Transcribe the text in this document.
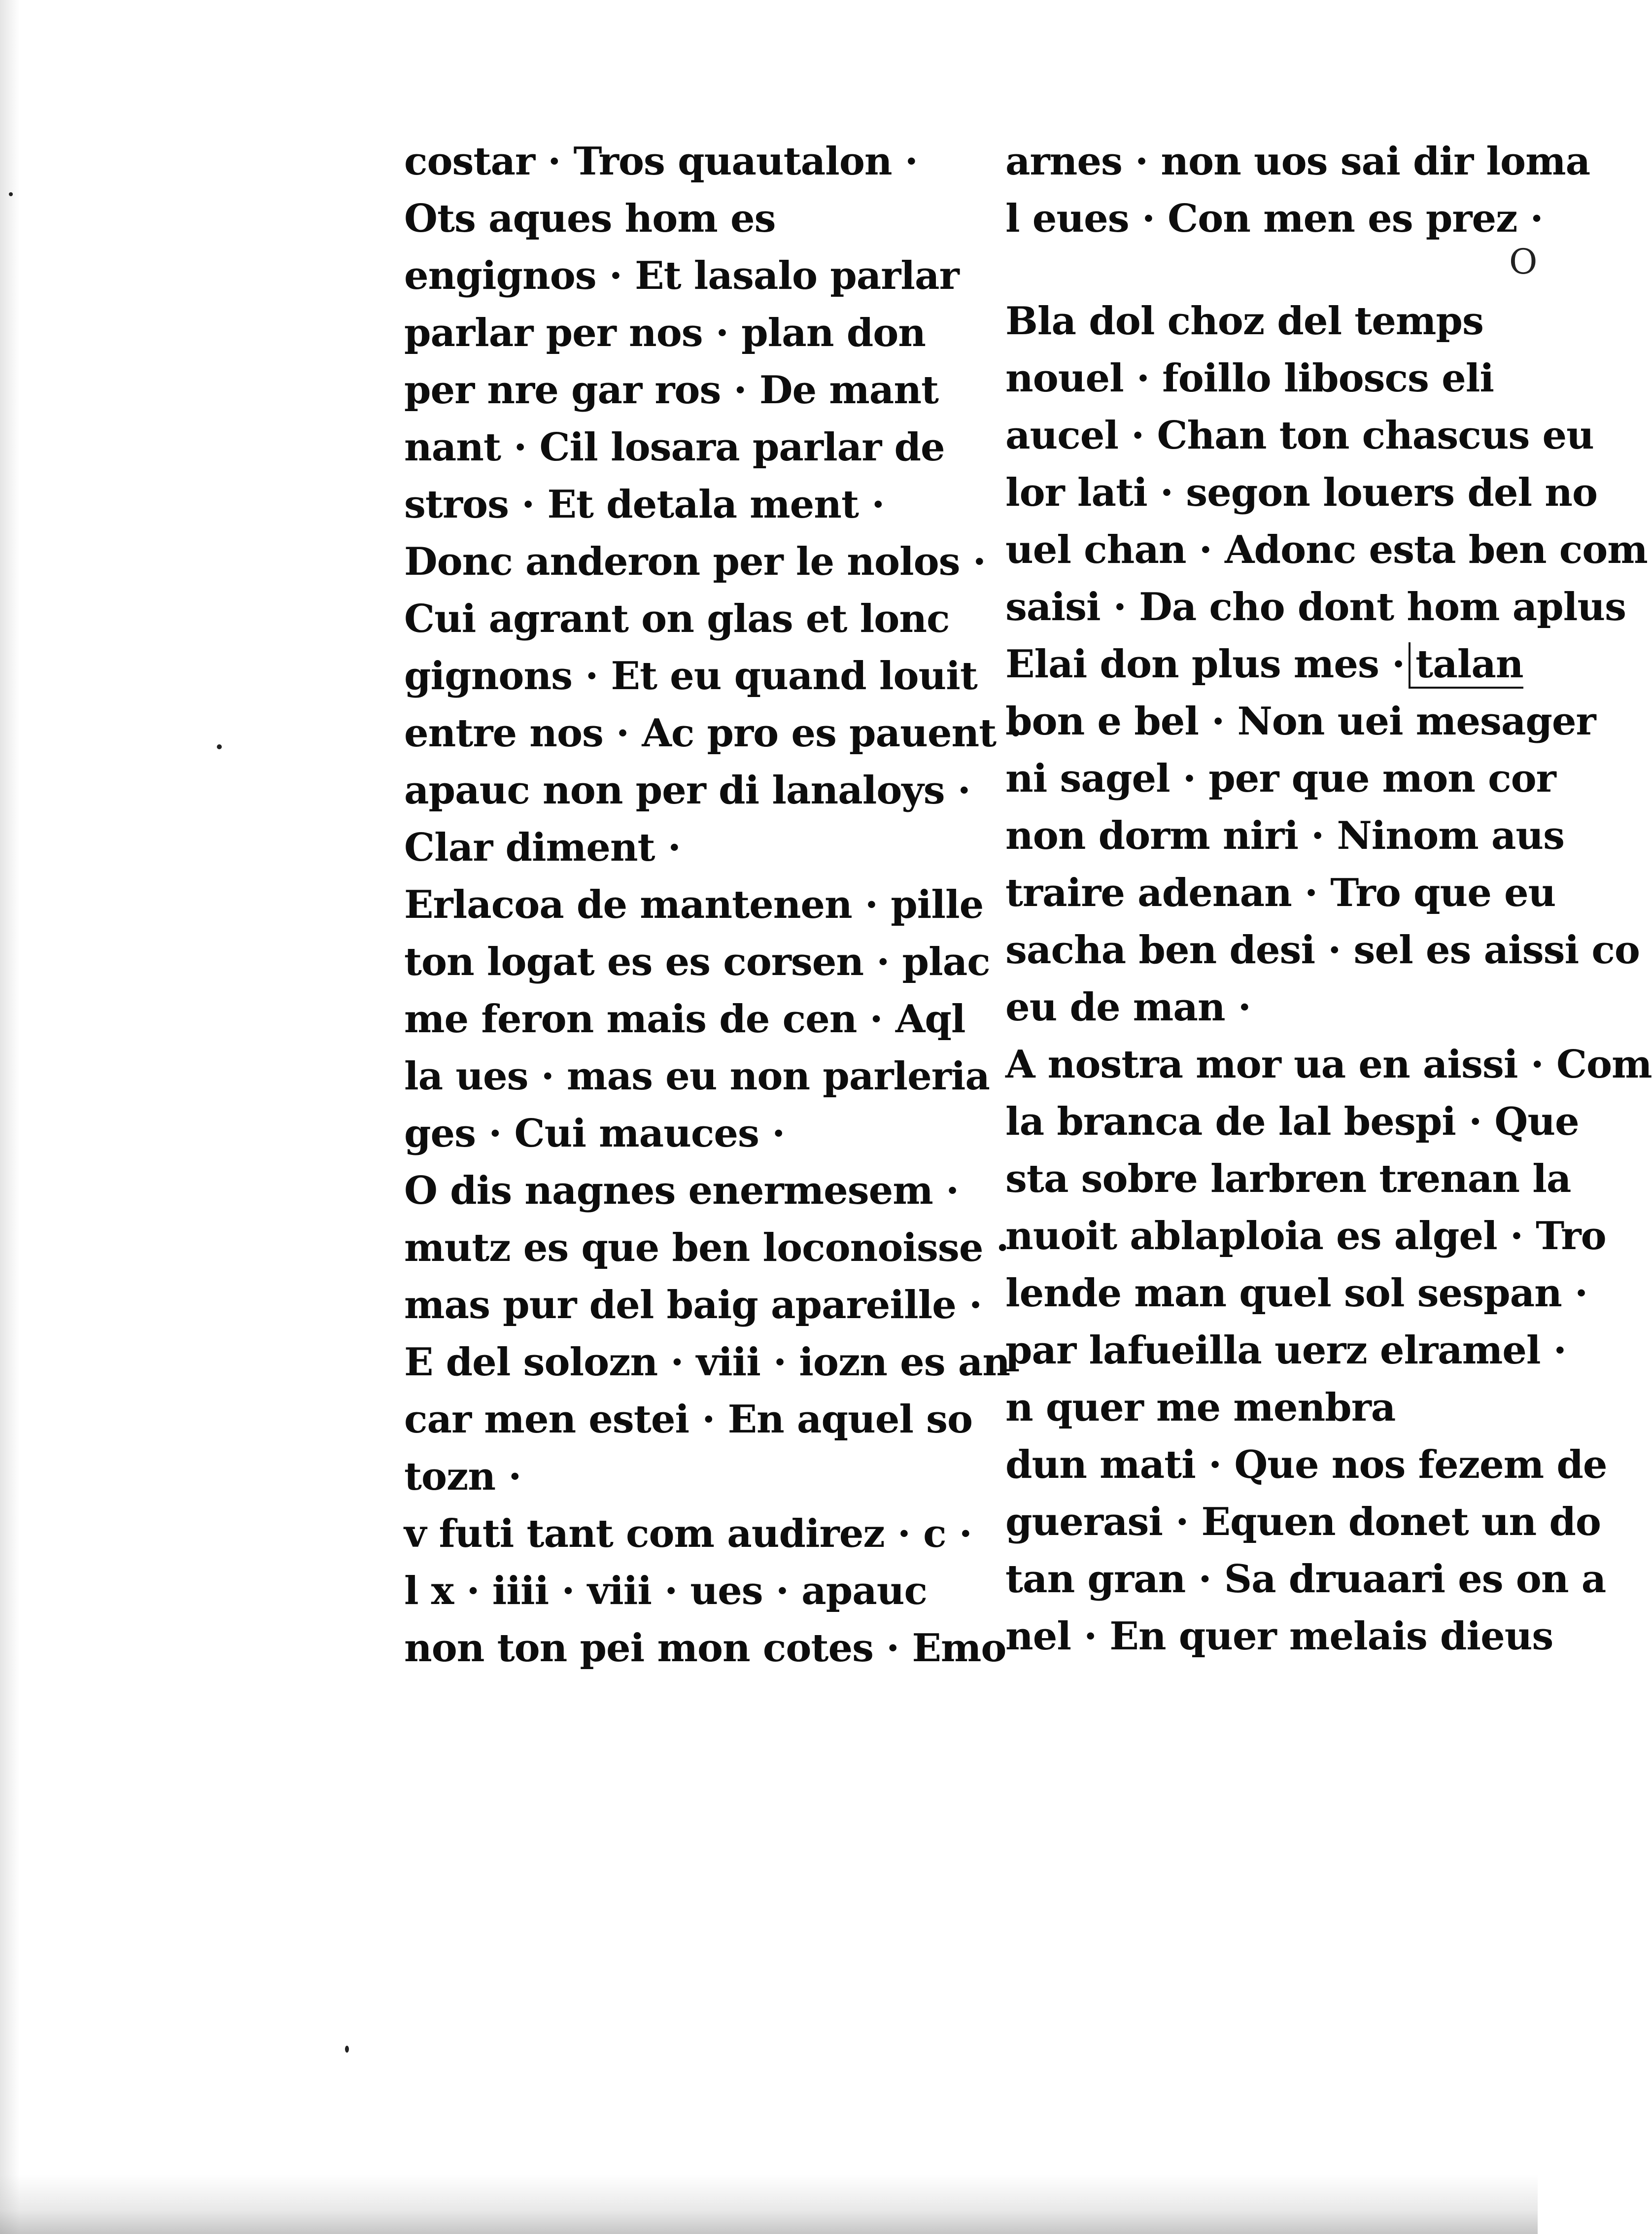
costar · Tros quautalon ·
Ots aques hom es
engignos · Et lasalo parlar
parlar per nos · plan don
per nre gar ros · De mant
nant · Cil losara parlar de
stros · Et detala ment ·
Donc anderon per le nolos ·
Cui agrant on glas et lonc
gignons · Et eu quand louit
entre nos · Ac pro es pauent ·
apauc non per di lanaloys ·
Clar diment ·
Erlacoa de mantenen · pille
ton logat es es corsen · plac
me feron mais de cen · Aql
la ues · mas eu non parleria
ges · Cui mauces ·
O dis nagnes enermesem ·
mutz es que ben loconoisse ·
mas pur del baig apareille ·
E del solozn · viii · iozn es an
car men estei · En aquel so
tozn ·
v futi tant com audirez · c ·
l x · iiii · viii · ues · apauc
non ton pei mon cotes · Emo
arnes · non uos sai dir loma
l eues · Con men es prez ·
Bla dol choz del temps
nouel · foillo liboscs eli
aucel · Chan ton chascus eu
lor lati · segon louers del no
uel chan · Adonc esta ben com
saisi · Da cho dont hom aplus
Elai don plus mes · talan
bon e bel · Non uei mesager
ni sagel · per que mon cor
non dorm niri · Ninom aus
traire adenan · Tro que eu
sacha ben desi · sel es aissi co
eu de man ·
A nostra mor ua en aissi · Com
la branca de lal bespi · Que
sta sobre larbren trenan la
nuoit ablaploia es algel · Tro
lende man quel sol sespan ·
par lafueilla uerz elramel ·
n quer me menbra
dun mati · Que nos fezem de
guerasi · Equen donet un do
tan gran · Sa druaari es on a
nel · En quer melais dieus
O
